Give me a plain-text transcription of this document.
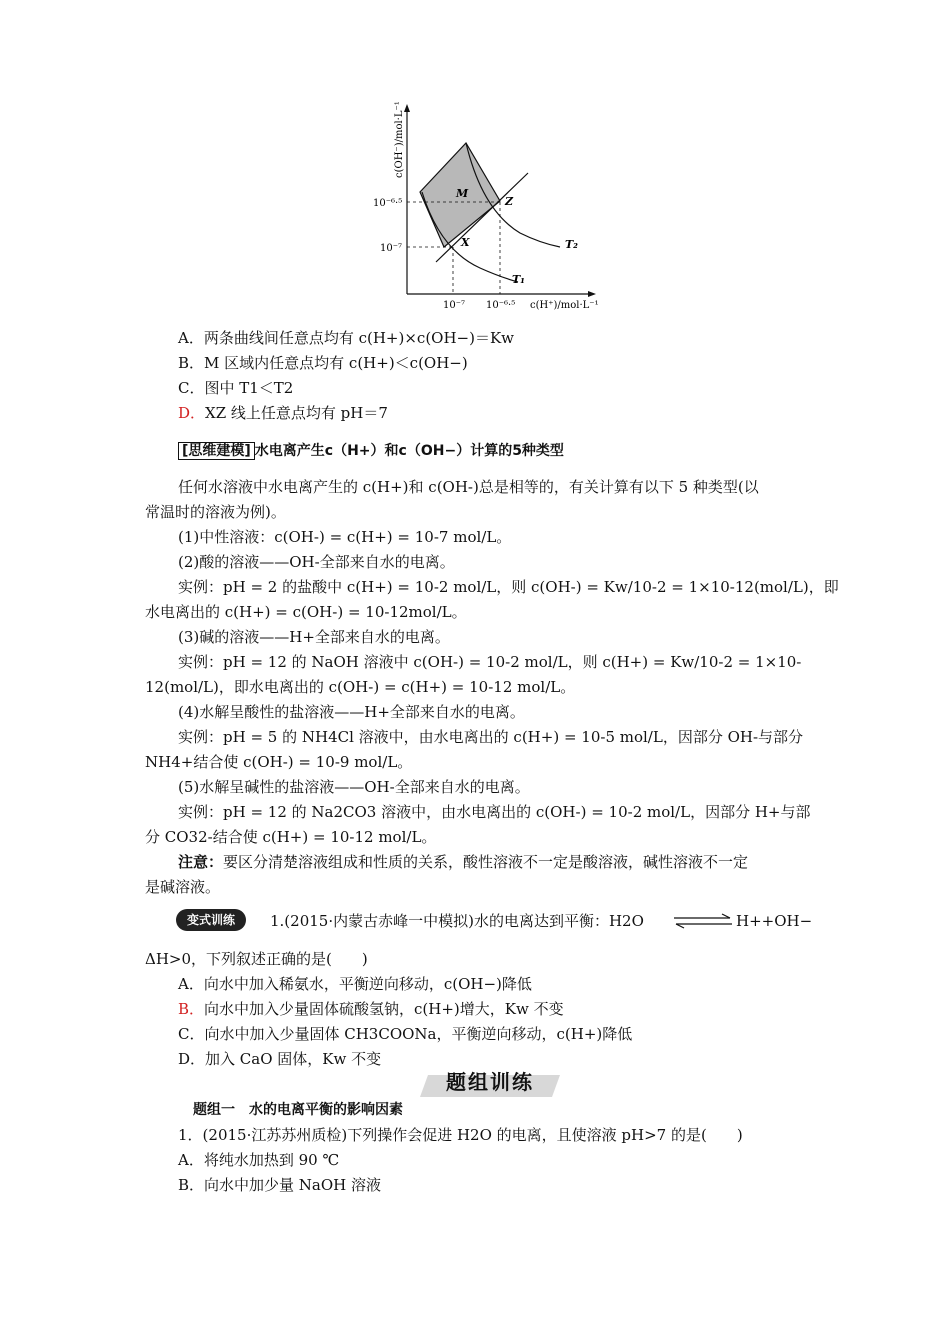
M
X
Z
T₂
T₁
10⁻⁶·⁵
10⁻⁷
10⁻⁷ 10⁻⁶·⁵ c(H⁺)/mol·L⁻¹
c(OH⁻)/mol·L⁻¹
A．两条曲线间任意点均有 c(H+)×c(OH−)＝Kw
B．M 区域内任意点均有 c(H+)＜c(OH−)
C．图中 T1＜T2
D．XZ 线上任意点均有 pH＝7
[思维建模] 水电离产生c（H+）和c（OH−）计算的5种类型
任何水溶液中水电离产生的 c(H+)和 c(OH-)总是相等的，有关计算有以下 5 种类型(以
常温时的溶液为例)。
(1)中性溶液：c(OH-) = c(H+) = 10-7 mol/L。
(2)酸的溶液——OH-全部来自水的电离。
实例：pH = 2 的盐酸中 c(H+) = 10-2 mol/L，则 c(OH-) = Kw/10-2 = 1×10-12(mol/L)，即
水电离出的 c(H+) = c(OH-) = 10-12mol/L。
(3)碱的溶液——H+全部来自水的电离。
实例：pH = 12 的 NaOH 溶液中 c(OH-) = 10-2 mol/L，则 c(H+) = Kw/10-2 = 1×10-
12(mol/L)，即水电离出的 c(OH-) = c(H+) = 10-12 mol/L。
(4)水解呈酸性的盐溶液——H+全部来自水的电离。
实例：pH = 5 的 NH4Cl 溶液中，由水电离出的 c(H+) = 10-5 mol/L，因部分 OH-与部分
NH4+结合使 c(OH-) = 10-9 mol/L。
(5)水解呈碱性的盐溶液——OH-全部来自水的电离。
实例：pH = 12 的 Na2CO3 溶液中，由水电离出的 c(OH-) = 10-2 mol/L，因部分 H+与部
分 CO32-结合使 c(H+) = 10-12 mol/L。
注意：要区分清楚溶液组成和性质的关系，酸性溶液不一定是酸溶液，碱性溶液不一定
是碱溶液。
变式训练	1.(2015·内蒙古赤峰一中模拟)水的电离达到平衡：H2O ⇌ H++OH−
ΔH>0，下列叙述正确的是(　　)
A．向水中加入稀氨水，平衡逆向移动，c(OH−)降低
B．向水中加入少量固体硫酸氢钠，c(H+)增大，Kw 不变
C．向水中加入少量固体 CH3COONa，平衡逆向移动，c(H+)降低
D．加入 CaO 固体，Kw 不变
题组训练
题组一　水的电离平衡的影响因素
1．(2015·江苏苏州质检)下列操作会促进 H2O 的电离，且使溶液 pH>7 的是(　　)
A．将纯水加热到 90 ℃
B．向水中加少量 NaOH 溶液
